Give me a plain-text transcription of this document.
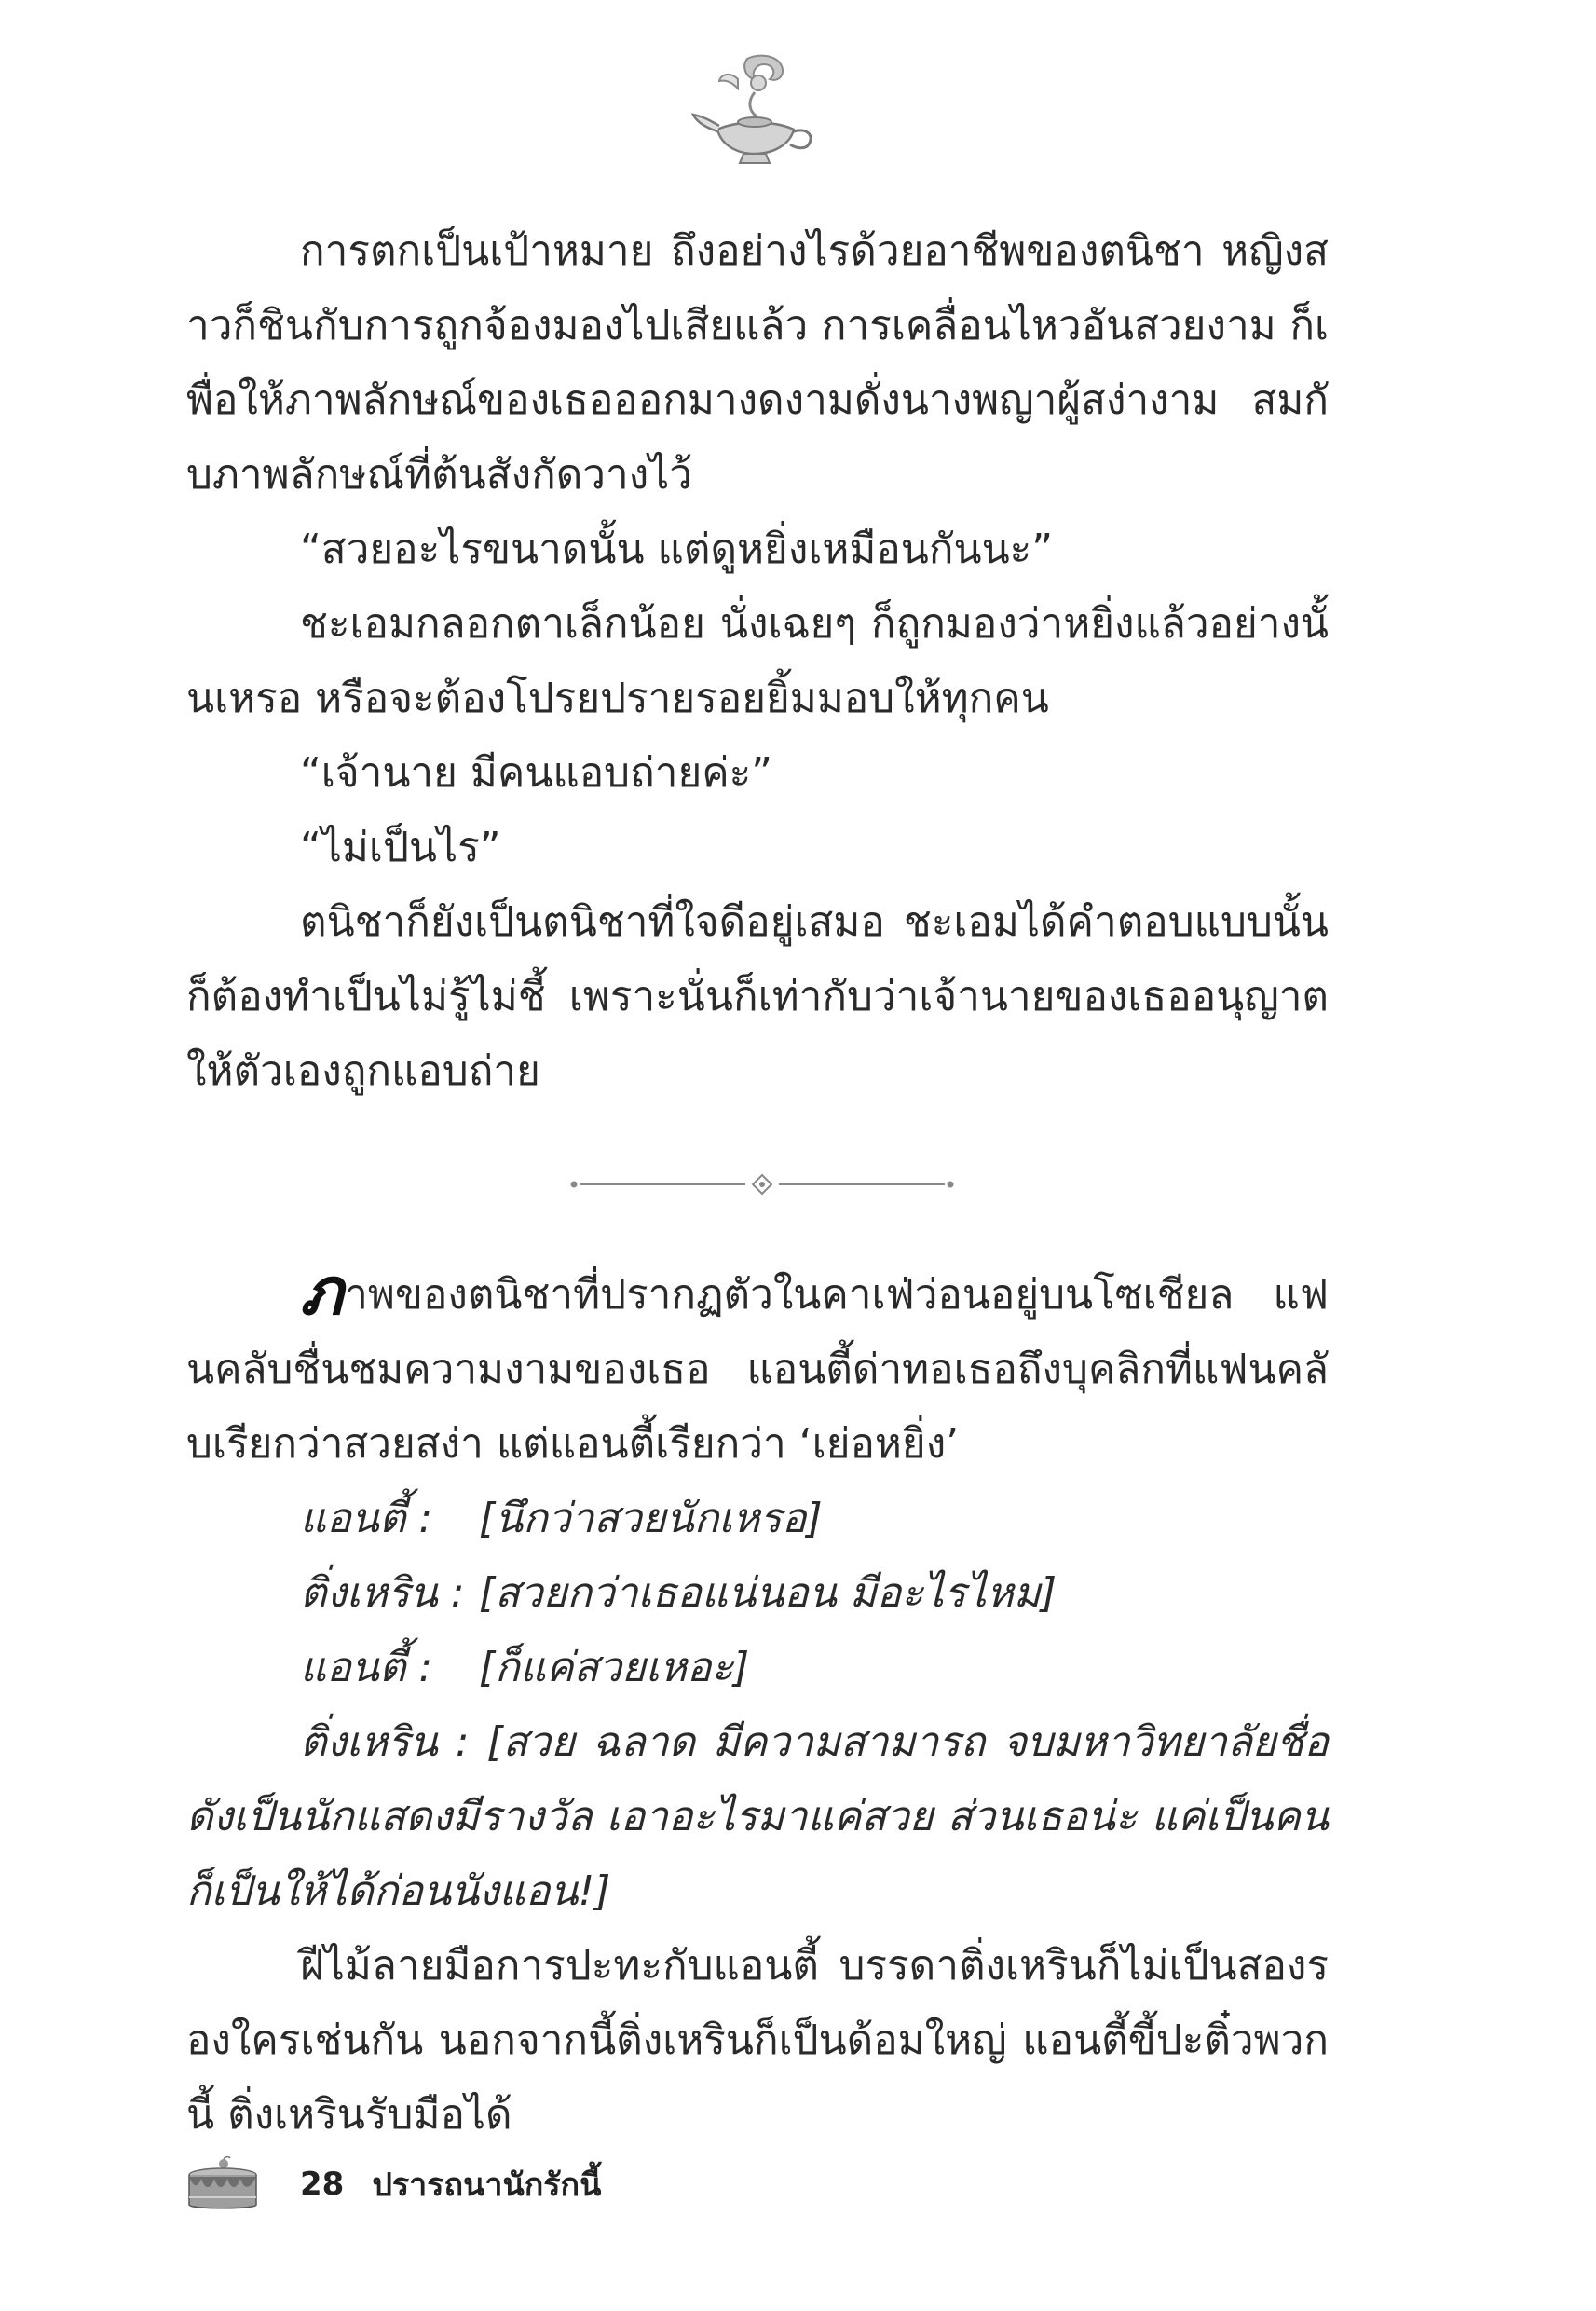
การตกเป็นเป้าหมาย ถึงอย่างไรด้วยอาชีพของตนิชา หญิงสาวก็ชินกับการถูกจ้องมองไปเสียแล้ว การเคลื่อนไหวอันสวยงาม ก็เพื่อให้ภาพลักษณ์ของเธอออกมางดงามดั่งนางพญาผู้สง่างาม สมกับภาพลักษณ์ที่ต้นสังกัดวางไว้

“สวยอะไรขนาดนั้น แต่ดูหยิ่งเหมือนกันนะ”

ชะเอมกลอกตาเล็กน้อย นั่งเฉยๆ ก็ถูกมองว่าหยิ่งแล้วอย่างนั้นเหรอ หรือจะต้องโปรยปรายรอยยิ้มมอบให้ทุกคน

“เจ้านาย มีคนแอบถ่ายค่ะ”

“ไม่เป็นไร”

ตนิชาก็ยังเป็นตนิชาที่ใจดีอยู่เสมอ ชะเอมได้คำตอบแบบนั้นก็ต้องทำเป็นไม่รู้ไม่ชี้ เพราะนั่นก็เท่ากับว่าเจ้านายของเธออนุญาตให้ตัวเองถูกแอบถ่าย

ภาพของตนิชาที่ปรากฏตัวในคาเฟ่ว่อนอยู่บนโซเชียล แฟนคลับชื่นชมความงามของเธอ แอนตี้ด่าทอเธอถึงบุคลิกที่แฟนคลับเรียกว่าสวยสง่า แต่แอนตี้เรียกว่า ‘เย่อหยิ่ง’

แอนตี้ : [นึกว่าสวยนักเหรอ]

ติ่งเหริน : [สวยกว่าเธอแน่นอน มีอะไรไหม]

แอนตี้ : [ก็แค่สวยเหอะ]

ติ่งเหริน : [สวย ฉลาด มีความสามารถ จบมหาวิทยาลัยชื่อดังเป็นนักแสดงมีรางวัล เอาอะไรมาแค่สวย ส่วนเธอน่ะ แค่เป็นคนก็เป็นให้ได้ก่อนนังแอน!]

ฝีไม้ลายมือการปะทะกับแอนตี้ บรรดาติ่งเหรินก็ไม่เป็นสองรองใครเช่นกัน นอกจากนี้ติ่งเหรินก็เป็นด้อมใหญ่ แอนตี้ขี้ปะติ๋วพวกนี้ ติ่งเหรินรับมือได้

28 ปรารถนานักรักนี้
